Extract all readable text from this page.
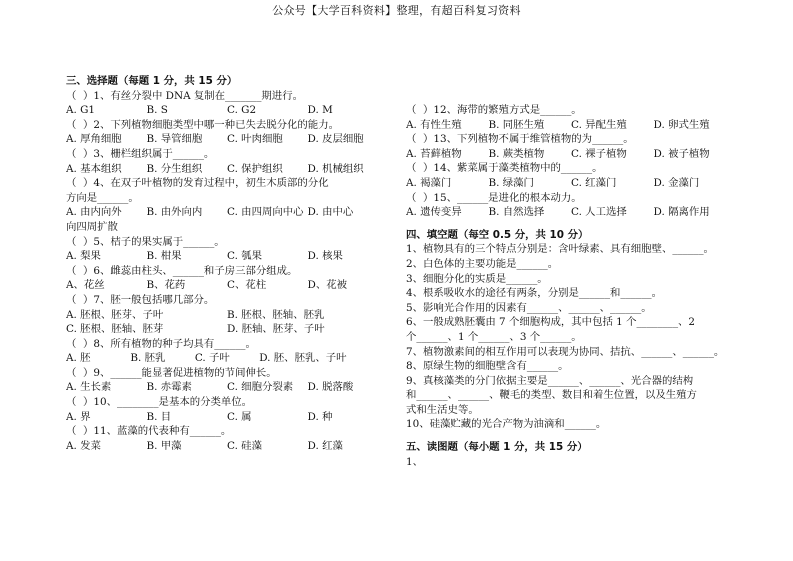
公众号【大学百科资料】整理，有超百科复习资料
三、选择题（每题 1 分，共 15 分）
（  ）1、有丝分裂中 DNA 复制在_______期进行。
A. G1	B. S	C. G2	D. M
（  ）2、下列植物细胞类型中哪一种已失去脱分化的能力。
A. 厚角细胞	B. 导管细胞	C. 叶肉细胞	D. 皮层细胞
（  ）3、栅栏组织属于______。
A. 基本组织	B. 分生组织	C. 保护组织	D. 机械组织
（  ）4、在双子叶植物的发育过程中，初生木质部的分化
方向是______。
A. 由内向外	B. 由外向内	C. 由四周向中心 D. 由中心
向四周扩散
（  ）5、桔子的果实属于______。
A. 梨果	B. 柑果	C. 瓠果	D. 核果
（  ）6、雌蕊由柱头、______和子房三部分组成。
A、花丝	B、花药	C、花柱	D、花被
（  ）7、胚一般包括哪几部分。
A. 胚根、胚芽、子叶	B. 胚根、胚轴、胚乳
C. 胚根、胚轴、胚芽	D. 胚轴、胚芽、子叶
（  ）8、所有植物的种子均具有______。
A. 胚	B. 胚乳	C. 子叶	D. 胚、胚乳、子叶
（  ）9、______能显著促进植物的节间伸长。
A. 生长素	B. 赤霉素	C. 细胞分裂素	D. 脱落酸
（  ）10、________是基本的分类单位。
A. 界	B. 目	C. 属	D. 种
（  ）11、蓝藻的代表种有______。
A. 发菜	B. 甲藻	C. 硅藻	D. 红藻
（  ）12、海带的繁殖方式是______。
A. 有性生殖	B. 同胚生殖	C. 异配生殖	D. 卵式生殖
（  ）13、下列植物不属于维管植物的为______。
A. 苔藓植物	B. 蕨类植物	C. 裸子植物	D. 被子植物
（  ）14、紫菜属于藻类植物中的______。
A. 褐藻门	B. 绿藻门	C. 红藻门	D. 金藻门
（  ）15、______是进化的根本动力。
A. 遗传变异	B. 自然选择	C. 人工选择	D. 隔离作用
四、填空题（每空 0.5 分，共 10 分）
1、植物具有的三个特点分别是：含叶绿素、具有细胞壁、______。
2、白色体的主要功能是______。
3、细胞分化的实质是______。
4、根系吸收水的途径有两条，分别是______和______。
5、影响光合作用的因素有______、______、______。
6、一般成熟胚囊由 7 个细胞构成，其中包括 1 个________、2
个______、1 个______、3 个______。
7、植物激素间的相互作用可以表现为协同、拮抗、______、______。
8、原绿生物的细胞壁含有______。
9、真核藻类的分门依据主要是______、______、光合器的结构
和______、______、鞭毛的类型、数目和着生位置，以及生殖方
式和生活史等。
10、硅藻贮藏的光合产物为油滴和______。
五、读图题（每小题 1 分，共 15 分）
1、
